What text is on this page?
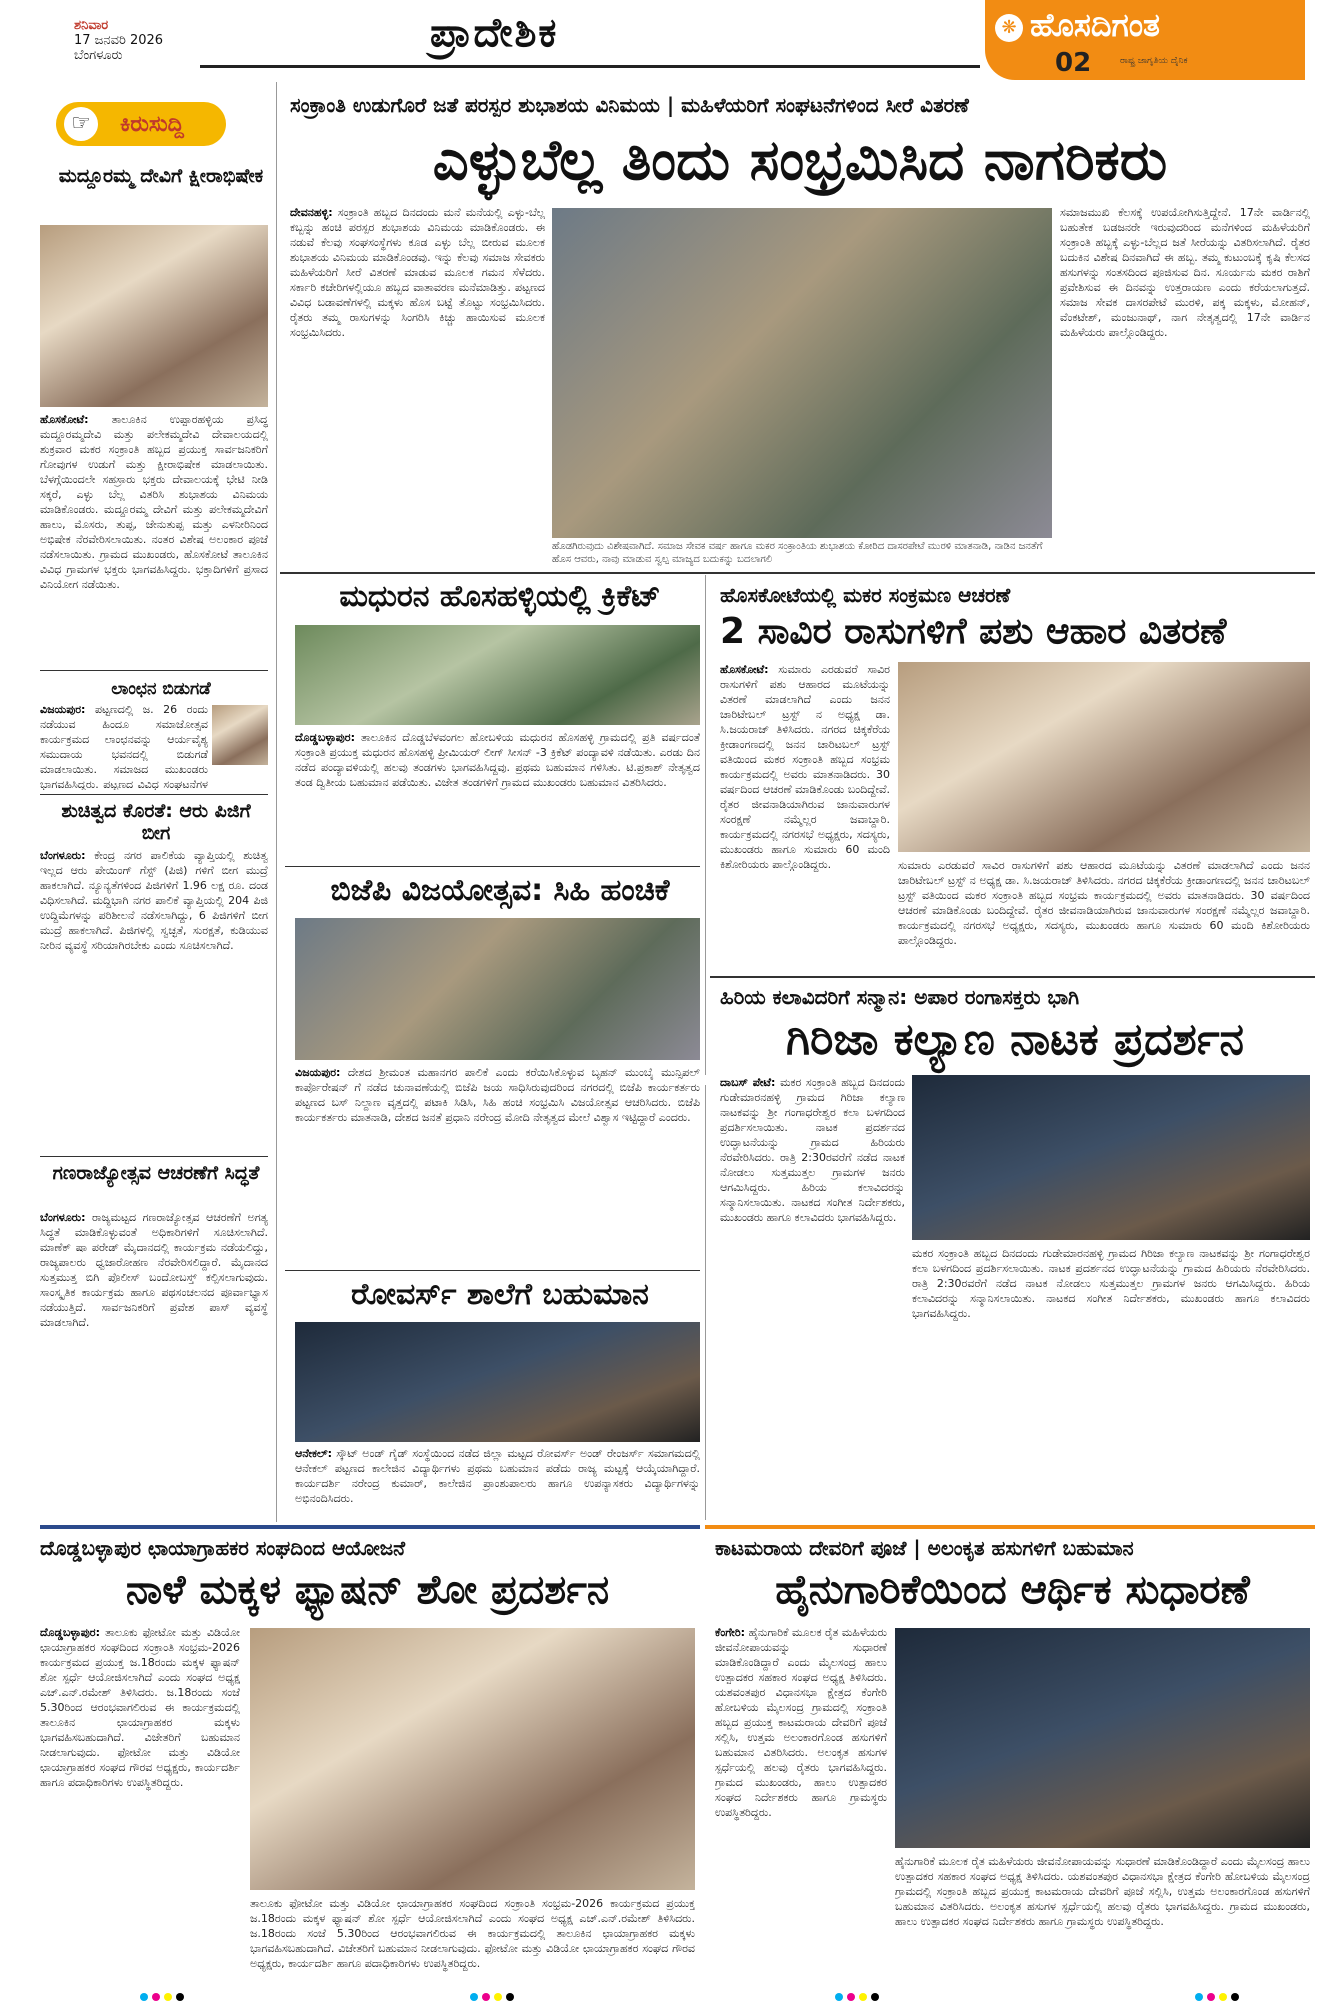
ಶನಿವಾರ
17 ಜನವರಿ 2026
ಬೆಂಗಳೂರು	ಪ್ರಾದೇಶಿಕ	❋ ಹೊಸದಿಗಂತ
02	ರಾಷ್ಟ್ರ ಜಾಗೃತಿಯ ದೈನಿಕ
☞	ಕಿರುಸುದ್ದಿ
ಮದ್ದೂರಮ್ಮ ದೇವಿಗೆ ಕ್ಷೀರಾಭಿಷೇಕ
ಹೊಸಕೋಟೆ: ತಾಲೂಕಿನ ಉಪ್ಪಾರಹಳ್ಳಿಯ ಪ್ರಸಿದ್ಧ ಮದ್ದೂರಮ್ಮದೇವಿ ಮತ್ತು ಪಲೇಕಮ್ಮದೇವಿ ದೇವಾಲಯದಲ್ಲಿ ಶುಕ್ರವಾರ ಮಕರ ಸಂಕ್ರಾಂತಿ ಹಬ್ಬದ ಪ್ರಯುಕ್ತ ಸಾರ್ವಜನಿಕರಿಗೆ ಗೋವುಗಳ ಉಡುಗೆ ಮತ್ತು ಕ್ಷೀರಾಭಿಷೇಕ ಮಾಡಲಾಯಿತು. ಬೆಳಗ್ಗೆಯಿಂದಲೇ ಸಹಸ್ರಾರು ಭಕ್ತರು ದೇವಾಲಯಕ್ಕೆ ಭೇಟಿ ನೀಡಿ ಸಕ್ಕರೆ, ಎಳ್ಳು ಬೆಲ್ಲ ವಿತರಿಸಿ ಶುಭಾಶಯ ವಿನಿಮಯ ಮಾಡಿಕೊಂಡರು. ಮದ್ದೂರಮ್ಮ ದೇವಿಗೆ ಮತ್ತು ಪಲೇಕಮ್ಮದೇವಿಗೆ ಹಾಲು, ಮೊಸರು, ತುಪ್ಪ, ಜೇನುತುಪ್ಪ ಮತ್ತು ಎಳನೀರಿನಿಂದ ಅಭಿಷೇಕ ನೆರವೇರಿಸಲಾಯಿತು. ನಂತರ ವಿಶೇಷ ಅಲಂಕಾರ ಪೂಜೆ ನಡೆಸಲಾಯಿತು. ಗ್ರಾಮದ ಮುಖಂಡರು, ಹೊಸಕೋಟೆ ತಾಲೂಕಿನ ವಿವಿಧ ಗ್ರಾಮಗಳ ಭಕ್ತರು ಭಾಗವಹಿಸಿದ್ದರು. ಭಕ್ತಾದಿಗಳಿಗೆ ಪ್ರಸಾದ ವಿನಿಯೋಗ ನಡೆಯಿತು.
ಲಾಂಛನ ಬಿಡುಗಡೆ
ವಿಜಯಪುರ: ಪಟ್ಟಣದಲ್ಲಿ ಜ. 26 ರಂದು ನಡೆಯುವ ಹಿಂದೂ ಸಮಾಜೋತ್ಸವ ಕಾರ್ಯಕ್ರಮದ ಲಾಂಛನವನ್ನು ಆರ್ಯವೈಶ್ಯ ಸಮುದಾಯ ಭವನದಲ್ಲಿ ಬಿಡುಗಡೆ ಮಾಡಲಾಯಿತು. ಸಮಾಜದ ಮುಖಂಡರು ಭಾಗವಹಿಸಿದ್ದರು. ಪಟ್ಟಣದ ವಿವಿಧ ಸಂಘಟನೆಗಳ
ಶುಚಿತ್ವದ ಕೊರತೆ: ಆರು ಪಿಜಿಗೆ ಬೀಗ
ಬೆಂಗಳೂರು: ಕೇಂದ್ರ ನಗರ ಪಾಲಿಕೆಯ ವ್ಯಾಪ್ತಿಯಲ್ಲಿ ಶುಚಿತ್ವ ಇಲ್ಲದ ಆರು ಪೇಯಿಂಗ್ ಗೆಸ್ಟ್ (ಪಿಜಿ) ಗಳಿಗೆ ಬೀಗ ಮುದ್ರೆ ಹಾಕಲಾಗಿದೆ. ನ್ಯೂನ್ಯತೆಗಳಿಂದ ಪಿಜಿಗಳಿಗೆ 1.96 ಲಕ್ಷ ರೂ. ದಂಡ ವಿಧಿಸಲಾಗಿದೆ. ಮದ್ದಿಭಾಗಿ ನಗರ ಪಾಲಿಕೆ ವ್ಯಾಪ್ತಿಯಲ್ಲಿ 204 ಪಿಜಿ ಉದ್ದಿಮೆಗಳನ್ನು ಪರಿಶೀಲನೆ ನಡೆಸಲಾಗಿದ್ದು, 6 ಪಿಜಿಗಳಿಗೆ ಬೀಗ ಮುದ್ರೆ ಹಾಕಲಾಗಿದೆ. ಪಿಜಿಗಳಲ್ಲಿ ಸ್ವಚ್ಛತೆ, ಸುರಕ್ಷತೆ, ಕುಡಿಯುವ ನೀರಿನ ವ್ಯವಸ್ಥೆ ಸರಿಯಾಗಿರಬೇಕು ಎಂದು ಸೂಚಿಸಲಾಗಿದೆ.
ಗಣರಾಜ್ಯೋತ್ಸವ ಆಚರಣೆಗೆ ಸಿದ್ಧತೆ
ಬೆಂಗಳೂರು: ರಾಜ್ಯಮಟ್ಟದ ಗಣರಾಜ್ಯೋತ್ಸವ ಆಚರಣೆಗೆ ಅಗತ್ಯ ಸಿದ್ಧತೆ ಮಾಡಿಕೊಳ್ಳುವಂತೆ ಅಧಿಕಾರಿಗಳಿಗೆ ಸೂಚಿಸಲಾಗಿದೆ. ಮಾಣೆಕ್ ಷಾ ಪರೇಡ್ ಮೈದಾನದಲ್ಲಿ ಕಾರ್ಯಕ್ರಮ ನಡೆಯಲಿದ್ದು, ರಾಜ್ಯಪಾಲರು ಧ್ವಜಾರೋಹಣ ನೆರವೇರಿಸಲಿದ್ದಾರೆ. ಮೈದಾನದ ಸುತ್ತಮುತ್ತ ಬಿಗಿ ಪೊಲೀಸ್ ಬಂದೋಬಸ್ತ್ ಕಲ್ಪಿಸಲಾಗುವುದು. ಸಾಂಸ್ಕೃತಿಕ ಕಾರ್ಯಕ್ರಮ ಹಾಗೂ ಪಥಸಂಚಲನದ ಪೂರ್ವಾಭ್ಯಾಸ ನಡೆಯುತ್ತಿದೆ. ಸಾರ್ವಜನಿಕರಿಗೆ ಪ್ರವೇಶ ಪಾಸ್ ವ್ಯವಸ್ಥೆ ಮಾಡಲಾಗಿದೆ.
ಸಂಕ್ರಾಂತಿ ಉಡುಗೊರೆ ಜತೆ ಪರಸ್ಪರ ಶುಭಾಶಯ ವಿನಿಮಯ | ಮಹಿಳೆಯರಿಗೆ ಸಂಘಟನೆಗಳಿಂದ ಸೀರೆ ವಿತರಣೆ
ಎಳ್ಳುಬೆಲ್ಲ ತಿಂದು ಸಂಭ್ರಮಿಸಿದ ನಾಗರಿಕರು
ದೇವನಹಳ್ಳಿ: ಸಂಕ್ರಾಂತಿ ಹಬ್ಬದ ದಿನದಂದು ಮನೆ ಮನೆಯಲ್ಲಿ ಎಳ್ಳು-ಬೆಲ್ಲ ಕಬ್ಬನ್ನು ಹಂಚಿ ಪರಸ್ಪರ ಶುಭಾಶಯ ವಿನಿಮಯ ಮಾಡಿಕೊಂಡರು. ಈ ನಡುವೆ ಕೆಲವು ಸಂಘಸಂಸ್ಥೆಗಳು ಕೂಡ ಎಳ್ಳು ಬೆಲ್ಲ ಬೀರುವ ಮೂಲಕ ಶುಭಾಶಯ ವಿನಿಮಯ ಮಾಡಿಕೊಂಡವು. ಇನ್ನು ಕೆಲವು ಸಮಾಜ ಸೇವಕರು ಮಹಿಳೆಯರಿಗೆ ಸೀರೆ ವಿತರಣೆ ಮಾಡುವ ಮೂಲಕ ಗಮನ ಸೆಳೆದರು. ಸರ್ಕಾರಿ ಕಚೇರಿಗಳಲ್ಲಿಯೂ ಹಬ್ಬದ ವಾತಾವರಣ ಮನೆಮಾಡಿತ್ತು. ಪಟ್ಟಣದ ವಿವಿಧ ಬಡಾವಣೆಗಳಲ್ಲಿ ಮಕ್ಕಳು ಹೊಸ ಬಟ್ಟೆ ತೊಟ್ಟು ಸಂಭ್ರಮಿಸಿದರು. ರೈತರು ತಮ್ಮ ರಾಸುಗಳನ್ನು ಸಿಂಗರಿಸಿ ಕಿಚ್ಚು ಹಾಯಿಸುವ ಮೂಲಕ ಸಂಭ್ರಮಿಸಿದರು.
ಹೊಡಗಿರುವುದು ವಿಶೇಷವಾಗಿದೆ. ಸಮಾಜ ಸೇವಕ ವರ್ಷ ಹಾಗೂ ಮಕರ ಸಂಕ್ರಾಂತಿಯ ಶುಭಾಶಯ ಕೋರಿದ ದಾಸರಪೇಟೆ ಮುರಳಿ ಮಾತನಾಡಿ, ನಾಡಿನ ಜನತೆಗೆ ಹೊಸ ಆವರು, ನಾವು ಮಾಡುವ ಸ್ವಲ್ಪ ಮಾಜ್ಯದ ಬದುಕನ್ನು ಬದಲಾಗಲಿ
ಸಮಾಜಮುಖಿ ಕೆಲಸಕ್ಕೆ ಉಪಯೋಗಿಸುತ್ತಿದ್ದೇನೆ. 17ನೇ ವಾರ್ಡಿನಲ್ಲಿ ಬಹುತೇಕ ಬಡಜನರೇ ಇರುವುದರಿಂದ ಮನೆಗಳಿಂದ ಮಹಿಳೆಯರಿಗೆ ಸಂಕ್ರಾಂತಿ ಹಬ್ಬಕ್ಕೆ ಎಳ್ಳು-ಬೆಲ್ಲದ ಜತೆ ಸೀರೆಯನ್ನು ವಿತರಿಸಲಾಗಿದೆ. ರೈತರ ಬದುಕಿನ ವಿಶೇಷ ದಿನವಾಗಿದೆ ಈ ಹಬ್ಬ. ತಮ್ಮ ಕುಟುಂಬಕ್ಕೆ ಕೃಷಿ ಕೆಲಸದ ಹಸುಗಳನ್ನು ಸಂತಸದಿಂದ ಪೂಜಿಸುವ ದಿನ. ಸೂರ್ಯನು ಮಕರ ರಾಶಿಗೆ ಪ್ರವೇಶಿಸುವ ಈ ದಿನವನ್ನು ಉತ್ತರಾಯಣ ಎಂದು ಕರೆಯಲಾಗುತ್ತದೆ. ಸಮಾಜ ಸೇವಕ ದಾಸರಪೇಟೆ ಮುರಳಿ, ಪಕ್ಕ ಮಕ್ಕಳು, ಮೋಹನ್, ವೆಂಕಟೇಶ್, ಮಂಜುನಾಥ್, ನಾಗ ನೇತೃತ್ವದಲ್ಲಿ 17ನೇ ವಾರ್ಡಿನ ಮಹಿಳೆಯರು ಪಾಲ್ಗೊಂಡಿದ್ದರು.
ಮಧುರನ ಹೊಸಹಳ್ಳಿಯಲ್ಲಿ ಕ್ರಿಕೆಟ್
ದೊಡ್ಡಬಳ್ಳಾಪುರ: ತಾಲೂಕಿನ ದೊಡ್ಡಬೆಳವಂಗಲ ಹೋಬಳಿಯ ಮಧುರನ ಹೊಸಹಳ್ಳಿ ಗ್ರಾಮದಲ್ಲಿ ಪ್ರತಿ ವರ್ಷದಂತೆ ಸಂಕ್ರಾಂತಿ ಪ್ರಯುಕ್ತ ಮಧುರನ ಹೊಸಹಳ್ಳಿ ಪ್ರೀಮಿಯರ್ ಲೀಗ್ ಸೀಸನ್ -3 ಕ್ರಿಕೆಟ್ ಪಂದ್ಯಾವಳಿ ನಡೆಯಿತು. ಎರಡು ದಿನ ನಡೆದ ಪಂದ್ಯಾವಳಿಯಲ್ಲಿ ಹಲವು ತಂಡಗಳು ಭಾಗವಹಿಸಿದ್ದವು. ಪ್ರಥಮ ಬಹುಮಾನ ಗಳಿಸಿತು. ಟಿ.ಪ್ರಕಾಶ್ ನೇತೃತ್ವದ ತಂಡ ದ್ವಿತೀಯ ಬಹುಮಾನ ಪಡೆಯಿತು. ವಿಜೇತ ತಂಡಗಳಿಗೆ ಗ್ರಾಮದ ಮುಖಂಡರು ಬಹುಮಾನ ವಿತರಿಸಿದರು.
ಬಿಜೆಪಿ ವಿಜಯೋತ್ಸವ: ಸಿಹಿ ಹಂಚಿಕೆ
ವಿಜಯಪುರ: ದೇಶದ ಶ್ರೀಮಂತ ಮಹಾನಗರ ಪಾಲಿಕೆ ಎಂದು ಕರೆಯಿಸಿಕೊಳ್ಳುವ ಬೃಹನ್ ಮುಂಬೈ ಮುನ್ಸಿಪಲ್ ಕಾರ್ಪೊರೇಷನ್ ಗೆ ನಡೆದ ಚುನಾವಣೆಯಲ್ಲಿ ಬಿಜೆಪಿ ಜಯ ಸಾಧಿಸಿರುವುದರಿಂದ ನಗರದಲ್ಲಿ ಬಿಜೆಪಿ ಕಾರ್ಯಕರ್ತರು ಪಟ್ಟಣದ ಬಸ್ ನಿಲ್ದಾಣ ವೃತ್ತದಲ್ಲಿ ಪಟಾಕಿ ಸಿಡಿಸಿ, ಸಿಹಿ ಹಂಚಿ ಸಂಭ್ರಮಿಸಿ ವಿಜಯೋತ್ಸವ ಆಚರಿಸಿದರು. ಬಿಜೆಪಿ ಕಾರ್ಯಕರ್ತರು ಮಾತನಾಡಿ, ದೇಶದ ಜನತೆ ಪ್ರಧಾನಿ ನರೇಂದ್ರ ಮೋದಿ ನೇತೃತ್ವದ ಮೇಲೆ ವಿಶ್ವಾಸ ಇಟ್ಟಿದ್ದಾರೆ ಎಂದರು.
ರೋವರ್ಸ್ ಶಾಲೆಗೆ ಬಹುಮಾನ
ಆನೇಕಲ್: ಸ್ಕೌಟ್ ಅಂಡ್ ಗೈಡ್ ಸಂಸ್ಥೆಯಿಂದ ನಡೆದ ಜಿಲ್ಲಾ ಮಟ್ಟದ ರೋವರ್ಸ್ ಅಂಡ್ ರೇಂಜರ್ಸ್ ಸಮಾಗಮದಲ್ಲಿ ಆನೇಕಲ್ ಪಟ್ಟಣದ ಕಾಲೇಜಿನ ವಿದ್ಯಾರ್ಥಿಗಳು ಪ್ರಥಮ ಬಹುಮಾನ ಪಡೆದು ರಾಜ್ಯ ಮಟ್ಟಕ್ಕೆ ಆಯ್ಕೆಯಾಗಿದ್ದಾರೆ. ಕಾರ್ಯದರ್ಶಿ ನರೇಂದ್ರ ಕುಮಾರ್, ಕಾಲೇಜಿನ ಪ್ರಾಂಶುಪಾಲರು ಹಾಗೂ ಉಪನ್ಯಾಸಕರು ವಿದ್ಯಾರ್ಥಿಗಳನ್ನು ಅಭಿನಂದಿಸಿದರು.
ಹೊಸಕೋಟೆಯಲ್ಲಿ ಮಕರ ಸಂಕ್ರಮಣ ಆಚರಣೆ
2 ಸಾವಿರ ರಾಸುಗಳಿಗೆ ಪಶು ಆಹಾರ ವಿತರಣೆ
ಹೊಸಕೋಟೆ: ಸುಮಾರು ಎರಡುವರೆ ಸಾವಿರ ರಾಸುಗಳಿಗೆ ಪಶು ಆಹಾರದ ಮೂಟೆಯನ್ನು ವಿತರಣೆ ಮಾಡಲಾಗಿದೆ ಎಂದು ಜನನ ಚಾರಿಟೇಬಲ್ ಟ್ರಸ್ಟ್ ನ ಅಧ್ಯಕ್ಷ ಡಾ. ಸಿ.ಜಯರಾಜ್ ತಿಳಿಸಿದರು. ನಗರದ ಚಿಕ್ಕಕೆರೆಯ ಕ್ರೀಡಾಂಗಣದಲ್ಲಿ ಜನನ ಚಾರಿಟಬಲ್ ಟ್ರಸ್ಟ್ ವತಿಯಿಂದ ಮಕರ ಸಂಕ್ರಾಂತಿ ಹಬ್ಬದ ಸಂಭ್ರಮ ಕಾರ್ಯಕ್ರಮದಲ್ಲಿ ಅವರು ಮಾತನಾಡಿದರು. 30 ವರ್ಷದಿಂದ ಆಚರಣೆ ಮಾಡಿಕೊಂಡು ಬಂದಿದ್ದೇವೆ. ರೈತರ ಜೀವನಾಡಿಯಾಗಿರುವ ಜಾನುವಾರುಗಳ ಸಂರಕ್ಷಣೆ ನಮ್ಮೆಲ್ಲರ ಜವಾಬ್ದಾರಿ. ಕಾರ್ಯಕ್ರಮದಲ್ಲಿ ನಗರಸಭೆ ಅಧ್ಯಕ್ಷರು, ಸದಸ್ಯರು, ಮುಖಂಡರು ಹಾಗೂ ಸುಮಾರು 60 ಮಂದಿ ಕಿಶೋರಿಯರು ಪಾಲ್ಗೊಂಡಿದ್ದರು.	ಸುಮಾರು ಎರಡುವರೆ ಸಾವಿರ ರಾಸುಗಳಿಗೆ ಪಶು ಆಹಾರದ ಮೂಟೆಯನ್ನು ವಿತರಣೆ ಮಾಡಲಾಗಿದೆ ಎಂದು ಜನನ ಚಾರಿಟೇಬಲ್ ಟ್ರಸ್ಟ್ ನ ಅಧ್ಯಕ್ಷ ಡಾ. ಸಿ.ಜಯರಾಜ್ ತಿಳಿಸಿದರು. ನಗರದ ಚಿಕ್ಕಕೆರೆಯ ಕ್ರೀಡಾಂಗಣದಲ್ಲಿ ಜನನ ಚಾರಿಟಬಲ್ ಟ್ರಸ್ಟ್ ವತಿಯಿಂದ ಮಕರ ಸಂಕ್ರಾಂತಿ ಹಬ್ಬದ ಸಂಭ್ರಮ ಕಾರ್ಯಕ್ರಮದಲ್ಲಿ ಅವರು ಮಾತನಾಡಿದರು. 30 ವರ್ಷದಿಂದ ಆಚರಣೆ ಮಾಡಿಕೊಂಡು ಬಂದಿದ್ದೇವೆ. ರೈತರ ಜೀವನಾಡಿಯಾಗಿರುವ ಜಾನುವಾರುಗಳ ಸಂರಕ್ಷಣೆ ನಮ್ಮೆಲ್ಲರ ಜವಾಬ್ದಾರಿ. ಕಾರ್ಯಕ್ರಮದಲ್ಲಿ ನಗರಸಭೆ ಅಧ್ಯಕ್ಷರು, ಸದಸ್ಯರು, ಮುಖಂಡರು ಹಾಗೂ ಸುಮಾರು 60 ಮಂದಿ ಕಿಶೋರಿಯರು ಪಾಲ್ಗೊಂಡಿದ್ದರು.
ಹಿರಿಯ ಕಲಾವಿದರಿಗೆ ಸನ್ಮಾನ: ಅಪಾರ ರಂಗಾಸಕ್ತರು ಭಾಗಿ
ಗಿರಿಜಾ ಕಲ್ಯಾಣ ನಾಟಕ ಪ್ರದರ್ಶನ
ದಾಬಸ್ ಪೇಟೆ: ಮಕರ ಸಂಕ್ರಾಂತಿ ಹಬ್ಬದ ದಿನದಂದು ಗುಡೇಮಾರನಹಳ್ಳಿ ಗ್ರಾಮದ ಗಿರಿಜಾ ಕಲ್ಯಾಣ ನಾಟಕವನ್ನು ಶ್ರೀ ಗಂಗಾಧರೇಶ್ವರ ಕಲಾ ಬಳಗದಿಂದ ಪ್ರದರ್ಶಿಸಲಾಯಿತು. ನಾಟಕ ಪ್ರದರ್ಶನದ ಉದ್ಘಾಟನೆಯನ್ನು ಗ್ರಾಮದ ಹಿರಿಯರು ನೆರವೇರಿಸಿದರು. ರಾತ್ರಿ 2:30ರವರೆಗೆ ನಡೆದ ನಾಟಕ ನೋಡಲು ಸುತ್ತಮುತ್ತಲ ಗ್ರಾಮಗಳ ಜನರು ಆಗಮಿಸಿದ್ದರು. ಹಿರಿಯ ಕಲಾವಿದರನ್ನು ಸನ್ಮಾನಿಸಲಾಯಿತು. ನಾಟಕದ ಸಂಗೀತ ನಿರ್ದೇಶಕರು, ಮುಖಂಡರು ಹಾಗೂ ಕಲಾವಿದರು ಭಾಗವಹಿಸಿದ್ದರು.
ಮಕರ ಸಂಕ್ರಾಂತಿ ಹಬ್ಬದ ದಿನದಂದು ಗುಡೇಮಾರನಹಳ್ಳಿ ಗ್ರಾಮದ ಗಿರಿಜಾ ಕಲ್ಯಾಣ ನಾಟಕವನ್ನು ಶ್ರೀ ಗಂಗಾಧರೇಶ್ವರ ಕಲಾ ಬಳಗದಿಂದ ಪ್ರದರ್ಶಿಸಲಾಯಿತು. ನಾಟಕ ಪ್ರದರ್ಶನದ ಉದ್ಘಾಟನೆಯನ್ನು ಗ್ರಾಮದ ಹಿರಿಯರು ನೆರವೇರಿಸಿದರು. ರಾತ್ರಿ 2:30ರವರೆಗೆ ನಡೆದ ನಾಟಕ ನೋಡಲು ಸುತ್ತಮುತ್ತಲ ಗ್ರಾಮಗಳ ಜನರು ಆಗಮಿಸಿದ್ದರು. ಹಿರಿಯ ಕಲಾವಿದರನ್ನು ಸನ್ಮಾನಿಸಲಾಯಿತು. ನಾಟಕದ ಸಂಗೀತ ನಿರ್ದೇಶಕರು, ಮುಖಂಡರು ಹಾಗೂ ಕಲಾವಿದರು ಭಾಗವಹಿಸಿದ್ದರು.
ದೊಡ್ಡಬಳ್ಳಾಪುರ ಛಾಯಾಗ್ರಾಹಕರ ಸಂಘದಿಂದ ಆಯೋಜನೆ
ನಾಳೆ ಮಕ್ಕಳ ಫ್ಯಾಷನ್ ಶೋ ಪ್ರದರ್ಶನ
ದೊಡ್ಡಬಳ್ಳಾಪುರ: ತಾಲೂಕು ಫೋಟೋ ಮತ್ತು ವಿಡಿಯೋ ಛಾಯಾಗ್ರಾಹಕರ ಸಂಘದಿಂದ ಸಂಕ್ರಾಂತಿ ಸಂಭ್ರಮ-2026 ಕಾರ್ಯಕ್ರಮದ ಪ್ರಯುಕ್ತ ಜ.18ರಂದು ಮಕ್ಕಳ ಫ್ಯಾಷನ್ ಶೋ ಸ್ಪರ್ಧೆ ಆಯೋಜಿಸಲಾಗಿದೆ ಎಂದು ಸಂಘದ ಅಧ್ಯಕ್ಷ ಎಚ್.ಎನ್.ರಮೇಶ್ ತಿಳಿಸಿದರು. ಜ.18ರಂದು ಸಂಜೆ 5.30ರಿಂದ ಆರಂಭವಾಗಲಿರುವ ಈ ಕಾರ್ಯಕ್ರಮದಲ್ಲಿ ತಾಲೂಕಿನ ಛಾಯಾಗ್ರಾಹಕರ ಮಕ್ಕಳು ಭಾಗವಹಿಸಬಹುದಾಗಿದೆ. ವಿಜೇತರಿಗೆ ಬಹುಮಾನ ನೀಡಲಾಗುವುದು. ಫೋಟೋ ಮತ್ತು ವಿಡಿಯೋ ಛಾಯಾಗ್ರಾಹಕರ ಸಂಘದ ಗೌರವ ಅಧ್ಯಕ್ಷರು, ಕಾರ್ಯದರ್ಶಿ ಹಾಗೂ ಪದಾಧಿಕಾರಿಗಳು ಉಪಸ್ಥಿತರಿದ್ದರು.
ತಾಲೂಕು ಫೋಟೋ ಮತ್ತು ವಿಡಿಯೋ ಛಾಯಾಗ್ರಾಹಕರ ಸಂಘದಿಂದ ಸಂಕ್ರಾಂತಿ ಸಂಭ್ರಮ-2026 ಕಾರ್ಯಕ್ರಮದ ಪ್ರಯುಕ್ತ ಜ.18ರಂದು ಮಕ್ಕಳ ಫ್ಯಾಷನ್ ಶೋ ಸ್ಪರ್ಧೆ ಆಯೋಜಿಸಲಾಗಿದೆ ಎಂದು ಸಂಘದ ಅಧ್ಯಕ್ಷ ಎಚ್.ಎನ್.ರಮೇಶ್ ತಿಳಿಸಿದರು. ಜ.18ರಂದು ಸಂಜೆ 5.30ರಿಂದ ಆರಂಭವಾಗಲಿರುವ ಈ ಕಾರ್ಯಕ್ರಮದಲ್ಲಿ ತಾಲೂಕಿನ ಛಾಯಾಗ್ರಾಹಕರ ಮಕ್ಕಳು ಭಾಗವಹಿಸಬಹುದಾಗಿದೆ. ವಿಜೇತರಿಗೆ ಬಹುಮಾನ ನೀಡಲಾಗುವುದು. ಫೋಟೋ ಮತ್ತು ವಿಡಿಯೋ ಛಾಯಾಗ್ರಾಹಕರ ಸಂಘದ ಗೌರವ ಅಧ್ಯಕ್ಷರು, ಕಾರ್ಯದರ್ಶಿ ಹಾಗೂ ಪದಾಧಿಕಾರಿಗಳು ಉಪಸ್ಥಿತರಿದ್ದರು.
ಕಾಟಮರಾಯ ದೇವರಿಗೆ ಪೂಜೆ | ಅಲಂಕೃತ ಹಸುಗಳಿಗೆ ಬಹುಮಾನ
ಹೈನುಗಾರಿಕೆಯಿಂದ ಆರ್ಥಿಕ ಸುಧಾರಣೆ
ಕೆಂಗೇರಿ: ಹೈನುಗಾರಿಕೆ ಮೂಲಕ ರೈತ ಮಹಿಳೆಯರು ಜೀವನೋಪಾಯವನ್ನು ಸುಧಾರಣೆ ಮಾಡಿಕೊಂಡಿದ್ದಾರೆ ಎಂದು ಮೈಲಸಂದ್ರ ಹಾಲು ಉತ್ಪಾದಕರ ಸಹಕಾರ ಸಂಘದ ಅಧ್ಯಕ್ಷ ತಿಳಿಸಿದರು. ಯಶವಂತಪುರ ವಿಧಾನಸಭಾ ಕ್ಷೇತ್ರದ ಕೆಂಗೇರಿ ಹೋಬಳಿಯ ಮೈಲಸಂದ್ರ ಗ್ರಾಮದಲ್ಲಿ ಸಂಕ್ರಾಂತಿ ಹಬ್ಬದ ಪ್ರಯುಕ್ತ ಕಾಟಮರಾಯ ದೇವರಿಗೆ ಪೂಜೆ ಸಲ್ಲಿಸಿ, ಉತ್ತಮ ಅಲಂಕಾರಗೊಂಡ ಹಸುಗಳಿಗೆ ಬಹುಮಾನ ವಿತರಿಸಿದರು. ಅಲಂಕೃತ ಹಸುಗಳ ಸ್ಪರ್ಧೆಯಲ್ಲಿ ಹಲವು ರೈತರು ಭಾಗವಹಿಸಿದ್ದರು. ಗ್ರಾಮದ ಮುಖಂಡರು, ಹಾಲು ಉತ್ಪಾದಕರ ಸಂಘದ ನಿರ್ದೇಶಕರು ಹಾಗೂ ಗ್ರಾಮಸ್ಥರು ಉಪಸ್ಥಿತರಿದ್ದರು.
ಹೈನುಗಾರಿಕೆ ಮೂಲಕ ರೈತ ಮಹಿಳೆಯರು ಜೀವನೋಪಾಯವನ್ನು ಸುಧಾರಣೆ ಮಾಡಿಕೊಂಡಿದ್ದಾರೆ ಎಂದು ಮೈಲಸಂದ್ರ ಹಾಲು ಉತ್ಪಾದಕರ ಸಹಕಾರ ಸಂಘದ ಅಧ್ಯಕ್ಷ ತಿಳಿಸಿದರು. ಯಶವಂತಪುರ ವಿಧಾನಸಭಾ ಕ್ಷೇತ್ರದ ಕೆಂಗೇರಿ ಹೋಬಳಿಯ ಮೈಲಸಂದ್ರ ಗ್ರಾಮದಲ್ಲಿ ಸಂಕ್ರಾಂತಿ ಹಬ್ಬದ ಪ್ರಯುಕ್ತ ಕಾಟಮರಾಯ ದೇವರಿಗೆ ಪೂಜೆ ಸಲ್ಲಿಸಿ, ಉತ್ತಮ ಅಲಂಕಾರಗೊಂಡ ಹಸುಗಳಿಗೆ ಬಹುಮಾನ ವಿತರಿಸಿದರು. ಅಲಂಕೃತ ಹಸುಗಳ ಸ್ಪರ್ಧೆಯಲ್ಲಿ ಹಲವು ರೈತರು ಭಾಗವಹಿಸಿದ್ದರು. ಗ್ರಾಮದ ಮುಖಂಡರು, ಹಾಲು ಉತ್ಪಾದಕರ ಸಂಘದ ನಿರ್ದೇಶಕರು ಹಾಗೂ ಗ್ರಾಮಸ್ಥರು ಉಪಸ್ಥಿತರಿದ್ದರು.
